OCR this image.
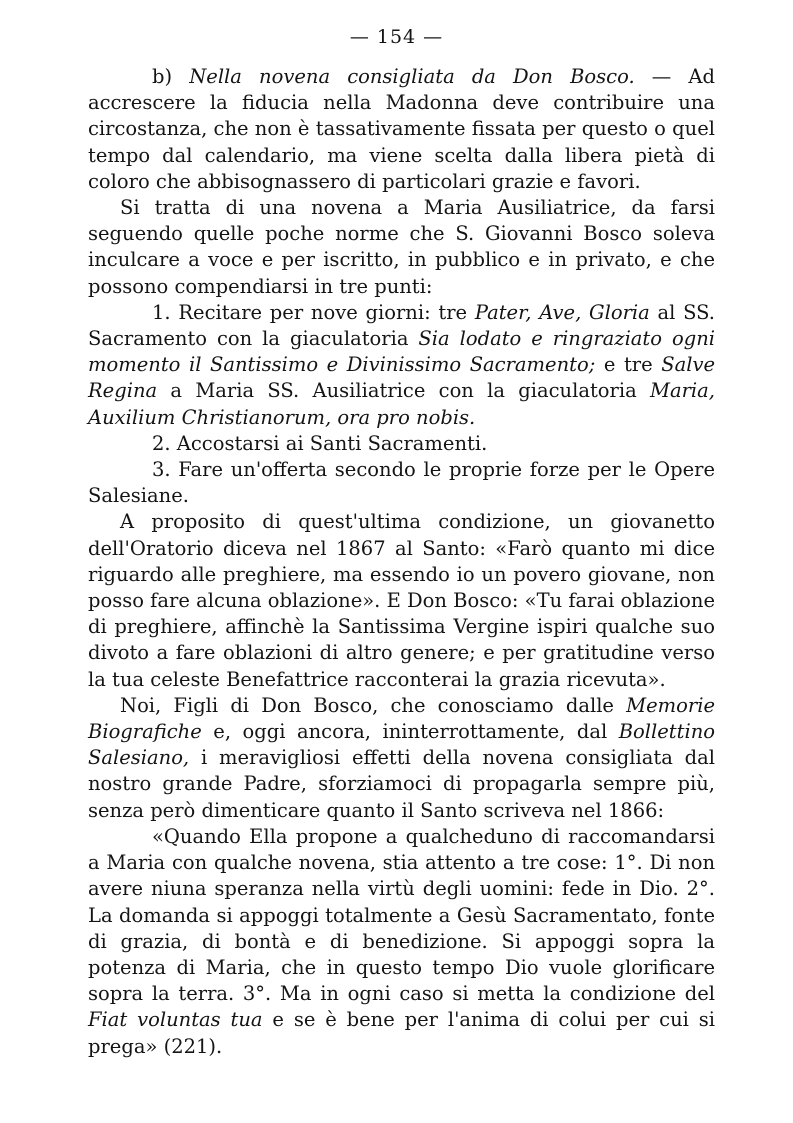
— 154 —

b) Nella novena consigliata da Don Bosco. — Ad accrescere la fiducia nella Madonna deve contribuire una circostanza, che non è tassativamente fissata per questo o quel tempo dal calendario, ma viene scelta dalla libera pietà di coloro che abbisognassero di particolari grazie e favori.

Si tratta di una novena a Maria Ausiliatrice, da farsi seguendo quelle poche norme che S. Giovanni Bosco soleva inculcare a voce e per iscritto, in pubblico e in privato, e che possono compendiarsi in tre punti:

1. Recitare per nove giorni: tre Pater, Ave, Gloria al SS. Sacramento con la giaculatoria Sia lodato e ringraziato ogni momento il Santissimo e Divinissimo Sacramento; e tre Salve Regina a Maria SS. Ausiliatrice con la giaculatoria Maria, Auxilium Christianorum, ora pro nobis.

2. Accostarsi ai Santi Sacramenti.

3. Fare un'offerta secondo le proprie forze per le Opere Salesiane.

A proposito di quest'ultima condizione, un giovanetto dell'Oratorio diceva nel 1867 al Santo: «Farò quanto mi dice riguardo alle preghiere, ma essendo io un povero giovane, non posso fare alcuna oblazione». E Don Bosco: «Tu farai oblazione di preghiere, affinchè la Santissima Vergine ispiri qualche suo divoto a fare oblazioni di altro genere; e per gratitudine verso la tua celeste Benefattrice racconterai la grazia ricevuta».

Noi, Figli di Don Bosco, che conosciamo dalle Memorie Biografiche e, oggi ancora, ininterrottamente, dal Bollettino Salesiano, i meravigliosi effetti della novena consigliata dal nostro grande Padre, sforziamoci di propagarla sempre più, senza però dimenticare quanto il Santo scriveva nel 1866:

«Quando Ella propone a qualcheduno di raccomandarsi a Maria con qualche novena, stia attento a tre cose: 1°. Di non avere niuna speranza nella virtù degli uomini: fede in Dio. 2°. La domanda si appoggi totalmente a Gesù Sacramentato, fonte di grazia, di bontà e di benedizione. Si appoggi sopra la potenza di Maria, che in questo tempo Dio vuole glorificare sopra la terra. 3°. Ma in ogni caso si metta la condizione del Fiat voluntas tua e se è bene per l'anima di colui per cui si prega» (221).
